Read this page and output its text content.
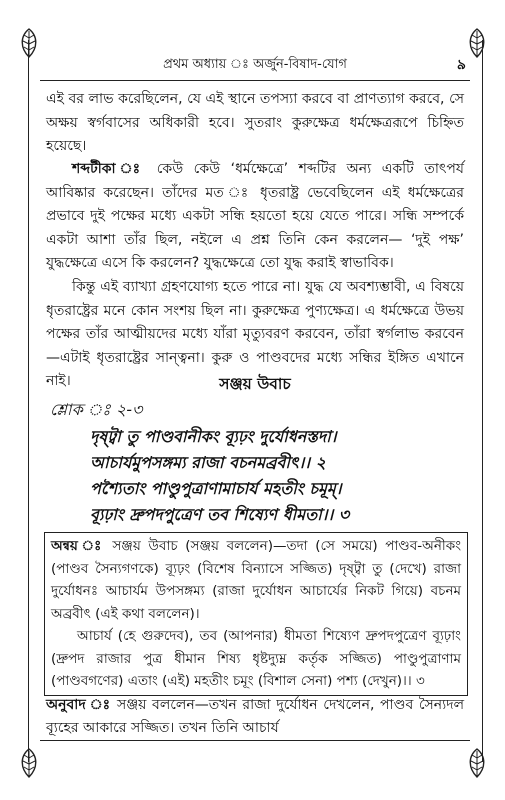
প্রথম অধ্যায় ঃ অর্জুন-বিষাদ-যোগ	৯

এই বর লাভ করেছিলেন, যে এই স্থানে তপস্যা করবে বা প্রাণত্যাগ করবে, সে অক্ষয় স্বর্গবাসের অধিকারী হবে। সুতরাং কুরুক্ষেত্র ধর্মক্ষেত্ররূপে চিহ্নিত হয়েছে।

শব্দটীকা ঃ কেউ কেউ ‘ধর্মক্ষেত্রে’ শব্দটির অন্য একটি তাৎপর্য আবিষ্কার করেছেন। তাঁদের মত ঃ ধৃতরাষ্ট্র ভেবেছিলেন এই ধর্মক্ষেত্রের প্রভাবে দুই পক্ষের মধ্যে একটা সন্ধি হয়তো হয়ে যেতে পারে। সন্ধি সম্পর্কে একটা আশা তাঁর ছিল, নইলে এ প্রশ্ন তিনি কেন করলেন— ‘দুই পক্ষ’ যুদ্ধক্ষেত্রে এসে কি করলেন? যুদ্ধক্ষেত্রে তো যুদ্ধ করাই স্বাভাবিক।

কিন্তু এই ব্যাখ্যা গ্রহণযোগ্য হতে পারে না। যুদ্ধ যে অবশ্যম্ভাবী, এ বিষয়ে ধৃতরাষ্ট্রের মনে কোন সংশয় ছিল না। কুরুক্ষেত্র পুণ্যক্ষেত্র। এ ধর্মক্ষেত্রে উভয় পক্ষের তাঁর আত্মীয়দের মধ্যে যাঁরা মৃত্যুবরণ করবেন, তাঁরা স্বর্গলাভ করবেন—এটাই ধৃতরাষ্ট্রের সান্ত্বনা। কুরু ও পাণ্ডবদের মধ্যে সন্ধির ইঙ্গিত এখানে নাই।	সঞ্জয় উবাচ
শ্লোক ঃ ২-৩
দৃষ্ট্বা তু পাণ্ডবানীকং ব্যূঢ়ং দুর্যোধনস্তদা।
আচার্যমুপসঙ্গম্য রাজা বচনমব্রবীৎ।। ২
পশ্যৈতাং পাণ্ডুপুত্রাণামাচার্য মহতীং চমূম্।
ব্যূঢ়াং দ্রুপদপুত্রেণ তব শিষ্যেণ ধীমতা।। ৩

অন্বয় ঃ সঞ্জয় উবাচ (সঞ্জয় বললেন)—তদা (সে সময়ে) পাণ্ডব-অনীকং (পাণ্ডব সৈন্যগণকে) ব্যূঢ়ং (বিশেষ বিন্যাসে সজ্জিত) দৃষ্ট্বা তু (দেখে) রাজা দুর্যোধনঃ আচার্যম উপসঙ্গম্য (রাজা দুর্যোধন আচার্যের নিকট গিয়ে) বচনম অব্রবীৎ (এই কথা বললেন)।

আচার্য (হে গুরুদেব), তব (আপনার) ধীমতা শিষ্যেণ দ্রুপদপুত্রেণ ব্যূঢ়াং (দ্রুপদ রাজার পুত্র ধীমান শিষ্য ধৃষ্টদ্যুম্ন কর্তৃক সজ্জিত) পাণ্ডুপুত্রাণাম (পাণ্ডবগণের) এতাং (এই) মহতীং চমূং (বিশাল সেনা) পশ্য (দেখুন)।। ৩

অনুবাদ ঃ সঞ্জয় বললেন—তখন রাজা দুর্যোধন দেখলেন, পাণ্ডব সৈন্যদল ব্যূহের আকারে সজ্জিত। তখন তিনি আচার্য
